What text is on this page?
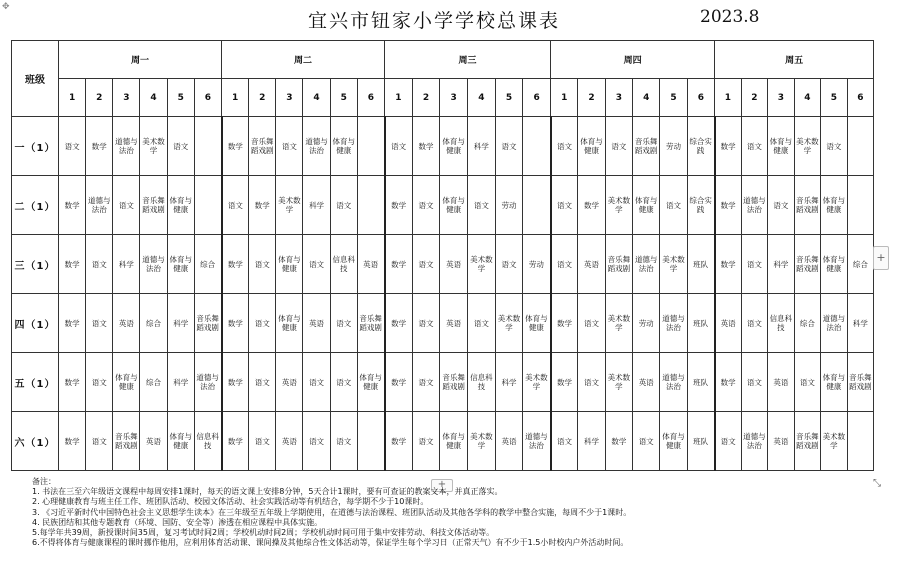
✥
宜兴市钮家小学学校总课表	2023.8
班级	周一						周二						周三						周四						周五					
	1	2	3	4	5	6	1	2	3	4	5	6	1	2	3	4	5	6	1	2	3	4	5	6	1	2	3	4	5	6
一（1）	语文	数学	道德与法治	美术数学	语文		数学	音乐舞蹈戏剧	语文	道德与法治	体育与健康		语文	数学	体育与健康	科学	语文		语文	体育与健康	语文	音乐舞蹈戏剧	劳动	综合实践	数学	语文	体育与健康	美术数学	语文	
二（1）	数学	道德与法治	语文	音乐舞蹈戏剧	体育与健康		语文	数学	美术数学	科学	语文		数学	语文	体育与健康	语文	劳动		语文	数学	美术数学	体育与健康	语文	综合实践	数学	道德与法治	语文	音乐舞蹈戏剧	体育与健康	
三（1）	数学	语文	科学	道德与法治	体育与健康	综合	数学	语文	体育与健康	语文	信息科技	英语	数学	语文	英语	美术数学	语文	劳动	语文	英语	音乐舞蹈戏剧	道德与法治	美术数学	班队	数学	语文	科学	音乐舞蹈戏剧	体育与健康	综合
四（1）	数学	语文	英语	综合	科学	音乐舞蹈戏剧	数学	语文	体育与健康	英语	语文	音乐舞蹈戏剧	数学	语文	英语	语文	美术数学	体育与健康	数学	语文	美术数学	劳动	道德与法治	班队	英语	语文	信息科技	综合	道德与法治	科学
五（1）	数学	语文	体育与健康	综合	科学	道德与法治	数学	语文	英语	语文	语文	体育与健康	数学	语文	音乐舞蹈戏剧	信息科技	科学	美术数学	数学	语文	美术数学	英语	道德与法治	班队	数学	语文	英语	语文	体育与健康	音乐舞蹈戏剧
六（1）	数学	语文	音乐舞蹈戏剧	英语	体育与健康	信息科技	数学	语文	英语	语文	语文		数学	语文	体育与健康	美术数学	英语	道德与法治	语文	科学	数学	语文	体育与健康	班队	语文	道德与法治	英语	音乐舞蹈戏剧	美术数学	
+
+	⤡
备注：
1. 书法在三至六年级语文课程中每周安排1课时，每天的语文课上安排8分钟，5天合计1课时，要有可查证的教案文本，并真正落实。
2. 心理健康教育与班主任工作、班团队活动、校园文体活动、社会实践活动等有机结合，每学期不少于10课时。
3. 《习近平新时代中国特色社会主义思想学生读本》在三年级至五年级上学期使用，在道德与法治课程、班团队活动及其他各学科的教学中整合实施，每周不少于1课时。
4. 民族团结和其他专题教育（环境、国防、安全等）渗透在相应课程中具体实施。
5.每学年共39周，新授课时间35周，复习考试时间2周；学校机动时间2周；学校机动时间可用于集中安排劳动、科技文体活动等。
6.不得将体育与健康课程的课时挪作他用，应利用体育活动课、课间操及其他综合性文体活动等，保证学生每个学习日（正常天气）有不少于1.5小时校内户外活动时间。
